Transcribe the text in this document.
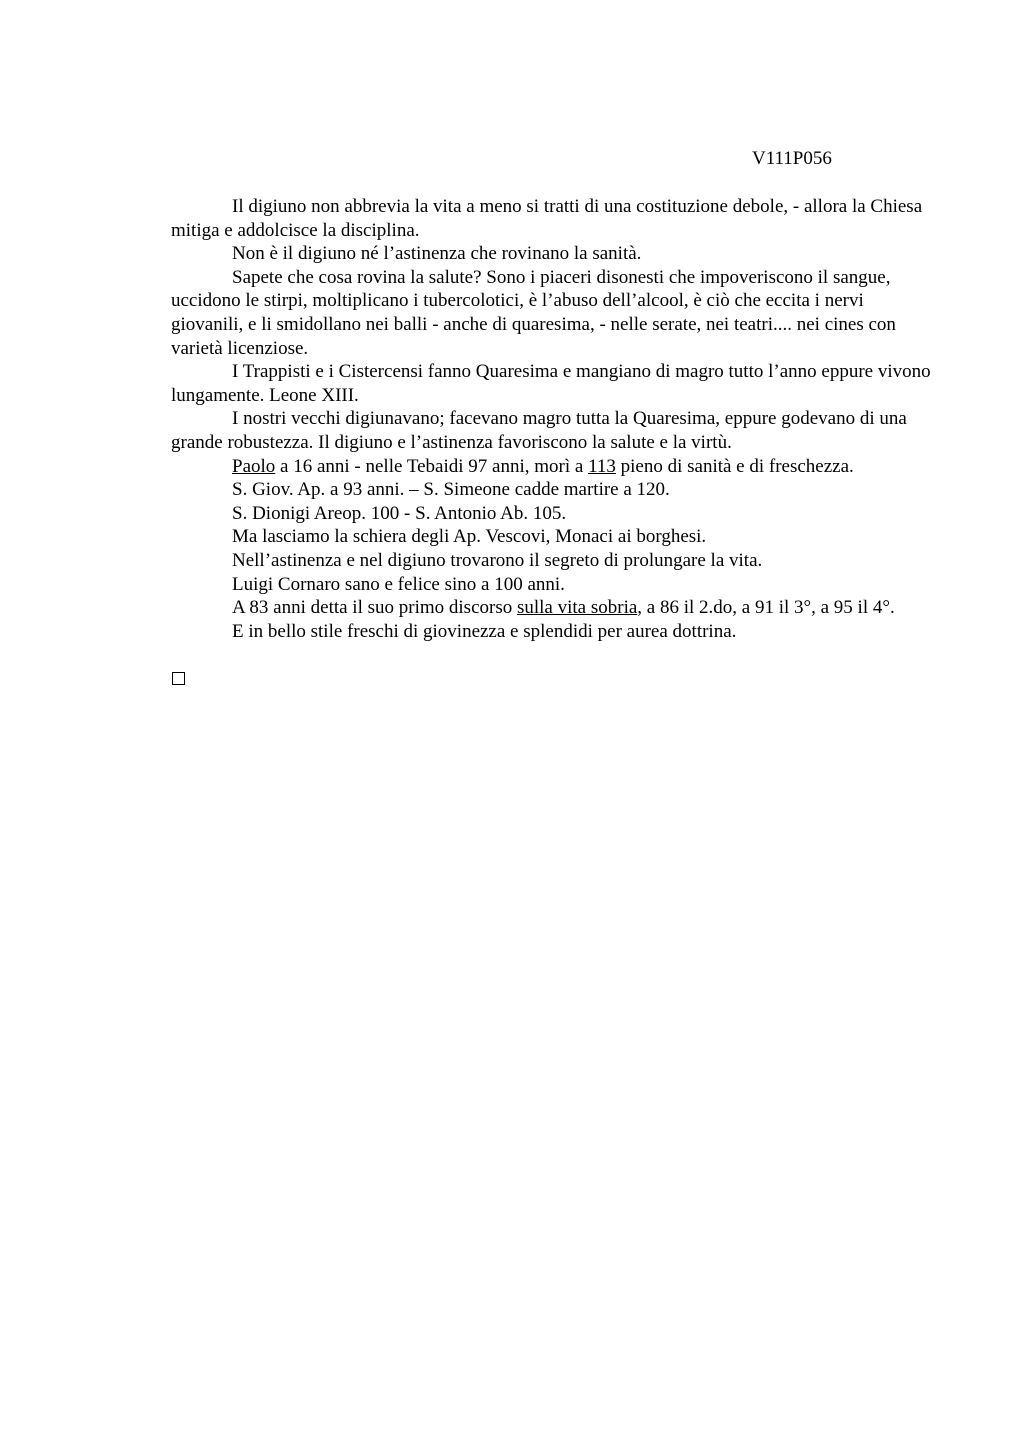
V111P056

Il digiuno non abbrevia la vita a meno si tratti di una costituzione debole, - allora la Chiesa mitiga e addolcisce la disciplina.

Non è il digiuno né l’astinenza che rovinano la sanità.

Sapete che cosa rovina la salute? Sono i piaceri disonesti che impoveriscono il sangue, uccidono le stirpi, moltiplicano i tubercolotici, è l’abuso dell’alcool, è ciò che eccita i nervi giovanili, e li smidollano nei balli - anche di quaresima, - nelle serate, nei teatri.... nei cines con varietà licenziose.

I Trappisti e i Cistercensi fanno Quaresima e mangiano di magro tutto l’anno eppure vivono lungamente. Leone XIII.

I nostri vecchi digiunavano; facevano magro tutta la Quaresima, eppure godevano di una grande robustezza. Il digiuno e l’astinenza favoriscono la salute e la virtù.

Paolo a 16 anni - nelle Tebaidi 97 anni, morì a 113 pieno di sanità e di freschezza.

S. Giov. Ap. a 93 anni. – S. Simeone cadde martire a 120.

S. Dionigi Areop. 100 - S. Antonio Ab. 105.

Ma lasciamo la schiera degli Ap. Vescovi, Monaci ai borghesi.

Nell’astinenza e nel digiuno trovarono il segreto di prolungare la vita.

Luigi Cornaro sano e felice sino a 100 anni.

A 83 anni detta il suo primo discorso sulla vita sobria, a 86 il 2.do, a 91 il 3°, a 95 il 4°.

E in bello stile freschi di giovinezza e splendidi per aurea dottrina.
